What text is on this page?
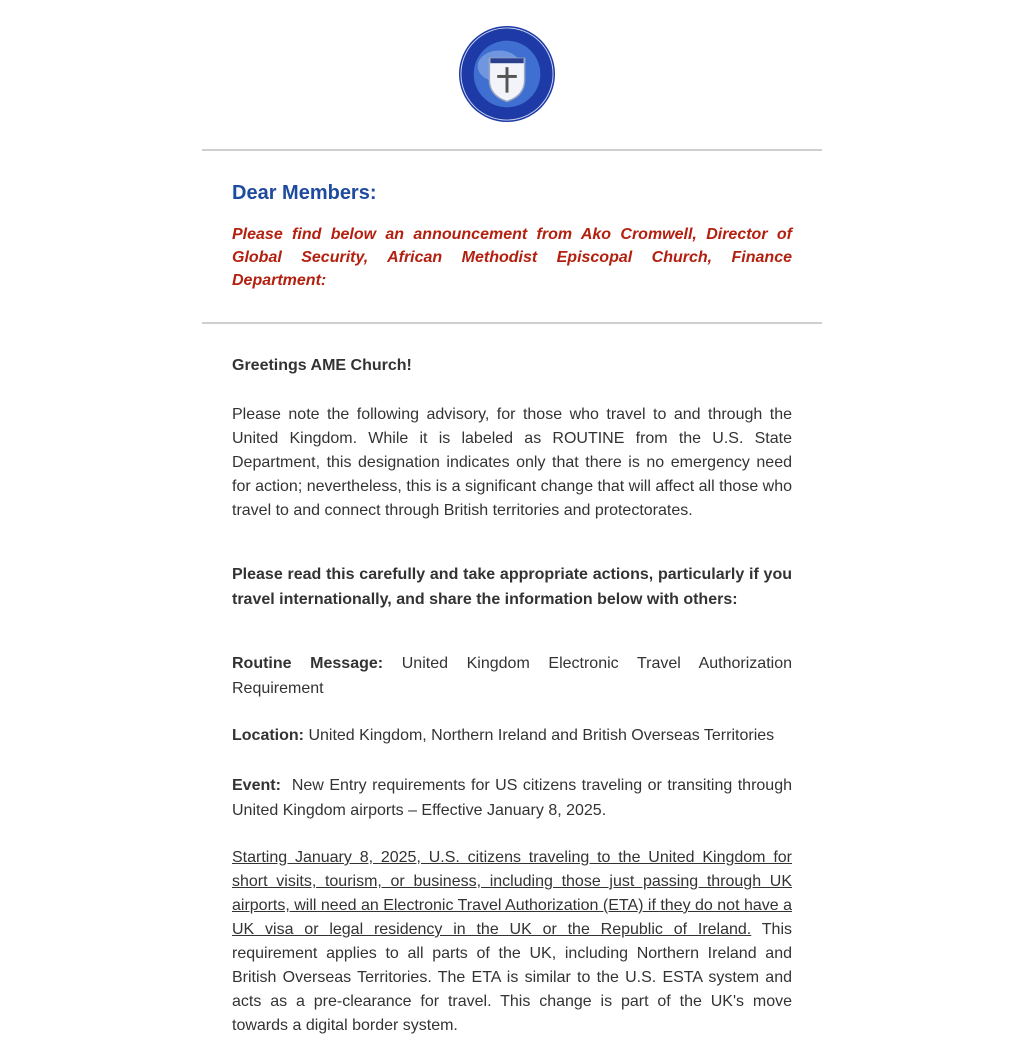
Dear Members:
Please find below an announcement from Ako Cromwell, Director of Global Security, African Methodist Episcopal Church, Finance Department:
Greetings AME Church!
Please note the following advisory, for those who travel to and through the United Kingdom. While it is labeled as ROUTINE from the U.S. State Department, this designation indicates only that there is no emergency need for action; nevertheless, this is a significant change that will affect all those who travel to and connect through British territories and protectorates.
Please read this carefully and take appropriate actions, particularly if you travel internationally, and share the information below with others:
Routine Message: United Kingdom Electronic Travel Authorization Requirement
Location: United Kingdom, Northern Ireland and British Overseas Territories
Event:  New Entry requirements for US citizens traveling or transiting through United Kingdom airports – Effective January 8, 2025.
Starting January 8, 2025, U.S. citizens traveling to the United Kingdom for short visits, tourism, or business, including those just passing through UK airports, will need an Electronic Travel Authorization (ETA) if they do not have a UK visa or legal residency in the UK or the Republic of Ireland. This requirement applies to all parts of the UK, including Northern Ireland and British Overseas Territories. The ETA is similar to the U.S. ESTA system and acts as a pre-clearance for travel. This change is part of the UK's move towards a digital border system.
